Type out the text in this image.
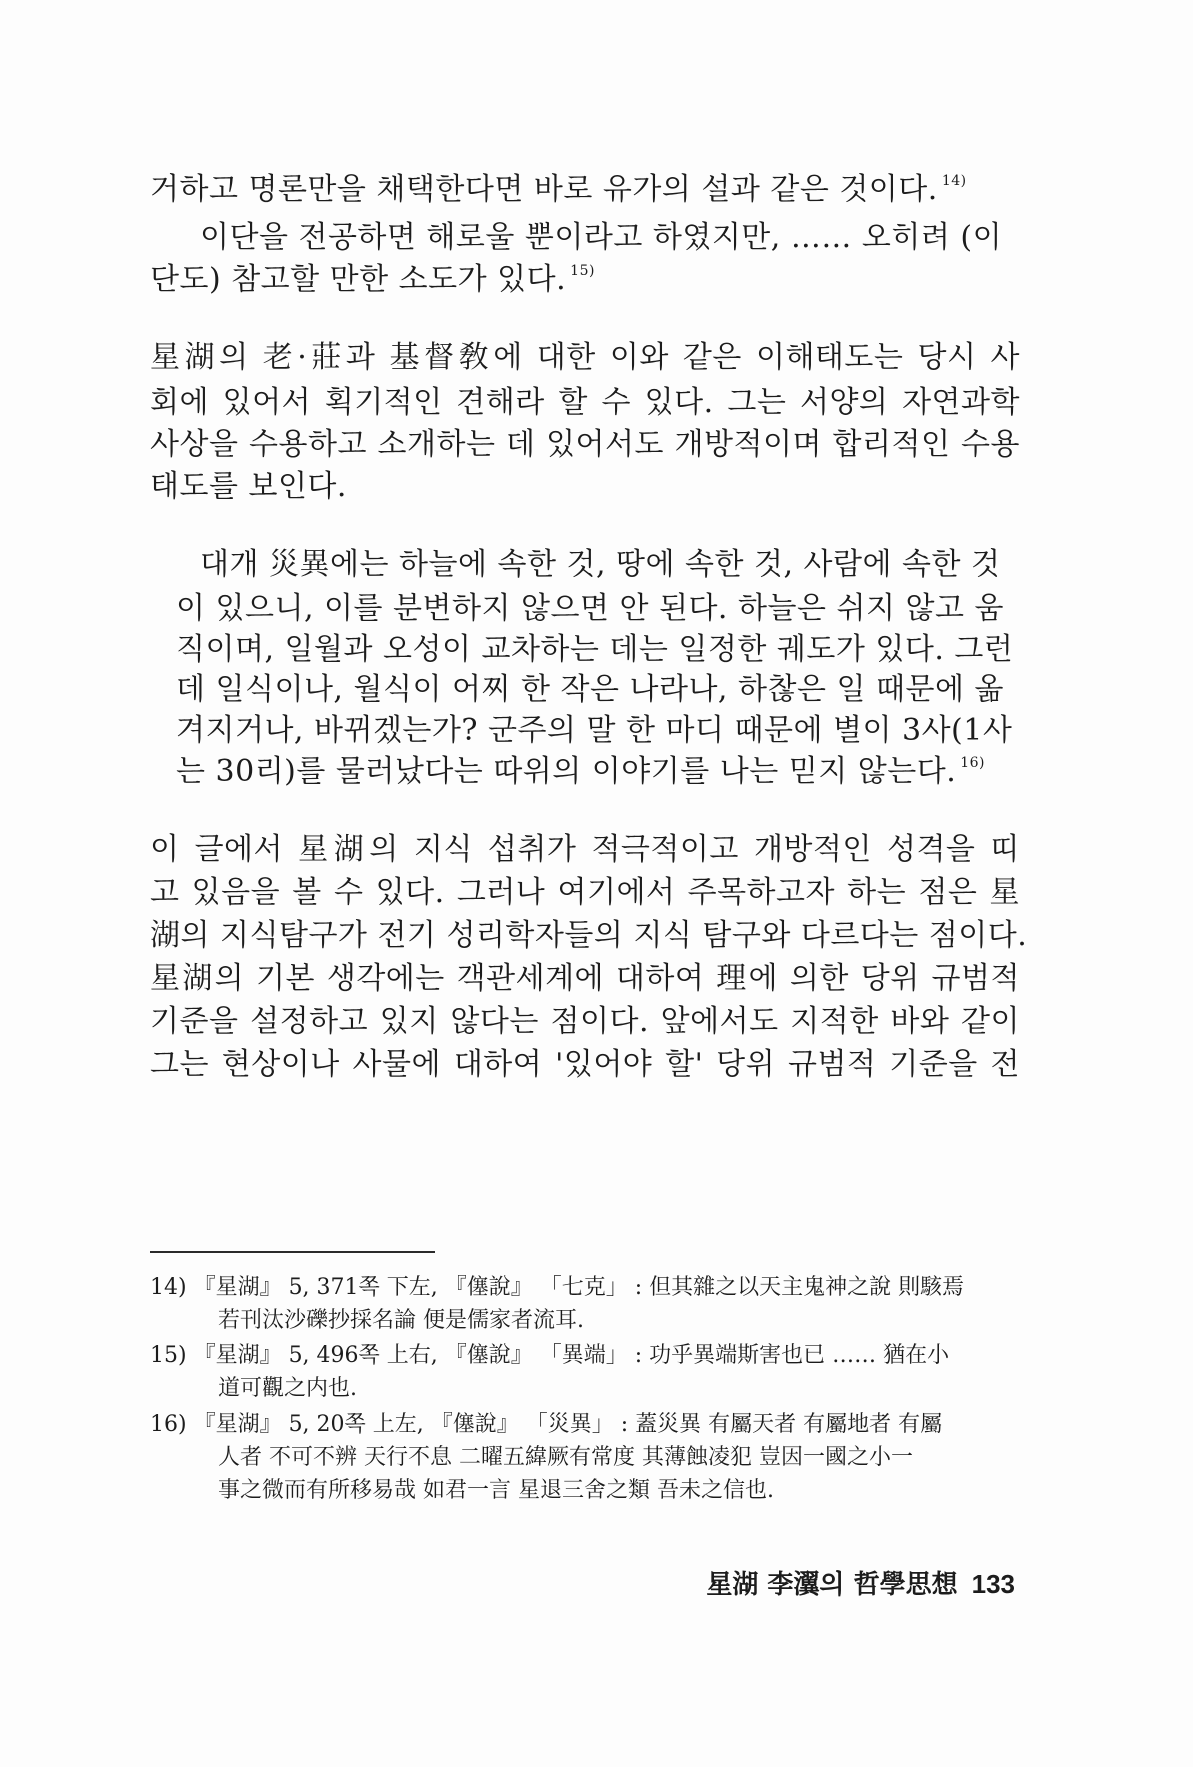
거하고 명론만을 채택한다면 바로 유가의 설과 같은 것이다. $^{14)}$
이단을 전공하면 해로울 뿐이라고 하였지만, …… 오히려 (이
단도) 참고할 만한 소도가 있다. $^{15)}$
星湖의 老·莊과 基督敎에 대한 이와 같은 이해태도는 당시 사
회에 있어서 획기적인 견해라 할 수 있다. 그는 서양의 자연과학
사상을 수용하고 소개하는 데 있어서도 개방적이며 합리적인 수용
태도를 보인다.
대개 災異에는 하늘에 속한 것, 땅에 속한 것, 사람에 속한 것
이 있으니, 이를 분변하지 않으면 안 된다. 하늘은 쉬지 않고 움
직이며, 일월과 오성이 교차하는 데는 일정한 궤도가 있다. 그런
데 일식이나, 월식이 어찌 한 작은 나라나, 하찮은 일 때문에 옮
겨지거나, 바뀌겠는가? 군주의 말 한 마디 때문에 별이 3사(1사
는 30리)를 물러났다는 따위의 이야기를 나는 믿지 않는다. $^{16)}$
이 글에서 星湖의 지식 섭취가 적극적이고 개방적인 성격을 띠
고 있음을 볼 수 있다. 그러나 여기에서 주목하고자 하는 점은 星
湖의 지식탐구가 전기 성리학자들의 지식 탐구와 다르다는 점이다.
星湖의 기본 생각에는 객관세계에 대하여 理에 의한 당위 규범적
기준을 설정하고 있지 않다는 점이다. 앞에서도 지적한 바와 같이
그는 현상이나 사물에 대하여 '있어야 할' 당위 규범적 기준을 전
14) 『星湖』 5, 371쪽 下左, 『僿說』 「七克」 : 但其雜之以天主鬼神之說 則駭焉
若刊汰沙礫抄採名論 便是儒家者流耳.
15) 『星湖』 5, 496쪽 上右, 『僿說』 「異端」 : 功乎異端斯害也已 …… 猶在小
道可觀之内也.
16) 『星湖』 5, 20쪽 上左, 『僿說』 「災異」 : 蓋災異 有屬天者 有屬地者 有屬
人者 不可不辨 天行不息 二曜五緯厥有常度 其薄蝕凌犯 豈因一國之小一
事之微而有所移易哉 如君一言 星退三舍之類 吾未之信也.
星湖 李瀷의 哲學思想 133
